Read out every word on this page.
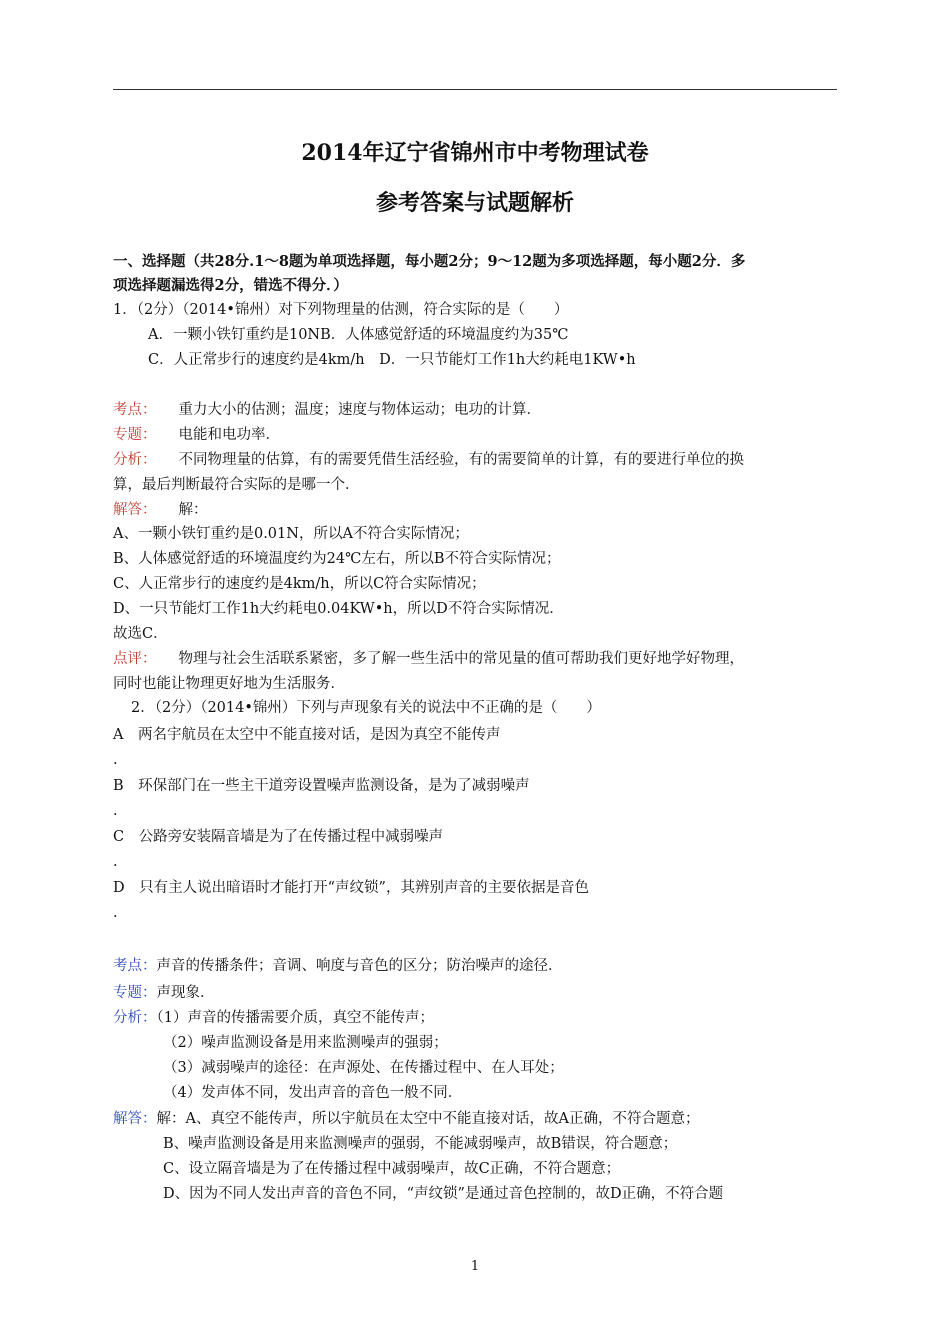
2014年辽宁省锦州市中考物理试卷
参考答案与试题解析
一、选择题（共28分.1～8题为单项选择题，每小题2分；9～12题为多项选择题，每小题2分．多
项选择题漏选得2分，错选不得分．）
1．（2分）（2014•锦州）对下列物理量的估测，符合实际的是（　　）
A．一颗小铁钉重约是10NB．人体感觉舒适的环境温度约为35℃
C．人正常步行的速度约是4km/h　D．一只节能灯工作1h大约耗电1KW•h
考点： 重力大小的估测；温度；速度与物体运动；电功的计算．
专题： 电能和电功率．
分析： 不同物理量的估算，有的需要凭借生活经验，有的需要简单的计算，有的要进行单位的换
算，最后判断最符合实际的是哪一个．
解答： 解：
A、一颗小铁钉重约是0.01N，所以A不符合实际情况；
B、人体感觉舒适的环境温度约为24℃左右，所以B不符合实际情况；
C、人正常步行的速度约是4km/h，所以C符合实际情况；
D、一只节能灯工作1h大约耗电0.04KW•h，所以D不符合实际情况．
故选C．
点评： 物理与社会生活联系紧密，多了解一些生活中的常见量的值可帮助我们更好地学好物理，
同时也能让物理更好地为生活服务．
2．（2分）（2014•锦州）下列与声现象有关的说法中不正确的是（　　）
A　两名宇航员在太空中不能直接对话，是因为真空不能传声
.
B　环保部门在一些主干道旁设置噪声监测设备，是为了减弱噪声
.
C　公路旁安装隔音墙是为了在传播过程中减弱噪声
.
D　只有主人说出暗语时才能打开“声纹锁”，其辨别声音的主要依据是音色
.
考点：声音的传播条件；音调、响度与音色的区分；防治噪声的途径．
专题：声现象．
分析：（1）声音的传播需要介质，真空不能传声；
（2）噪声监测设备是用来监测噪声的强弱；
（3）减弱噪声的途径：在声源处、在传播过程中、在人耳处；
（4）发声体不同，发出声音的音色一般不同．
解答：解：A、真空不能传声，所以宇航员在太空中不能直接对话，故A正确，不符合题意；
B、噪声监测设备是用来监测噪声的强弱，不能减弱噪声，故B错误，符合题意；
C、设立隔音墙是为了在传播过程中减弱噪声，故C正确，不符合题意；
D、因为不同人发出声音的音色不同，“声纹锁”是通过音色控制的，故D正确，不符合题
1
